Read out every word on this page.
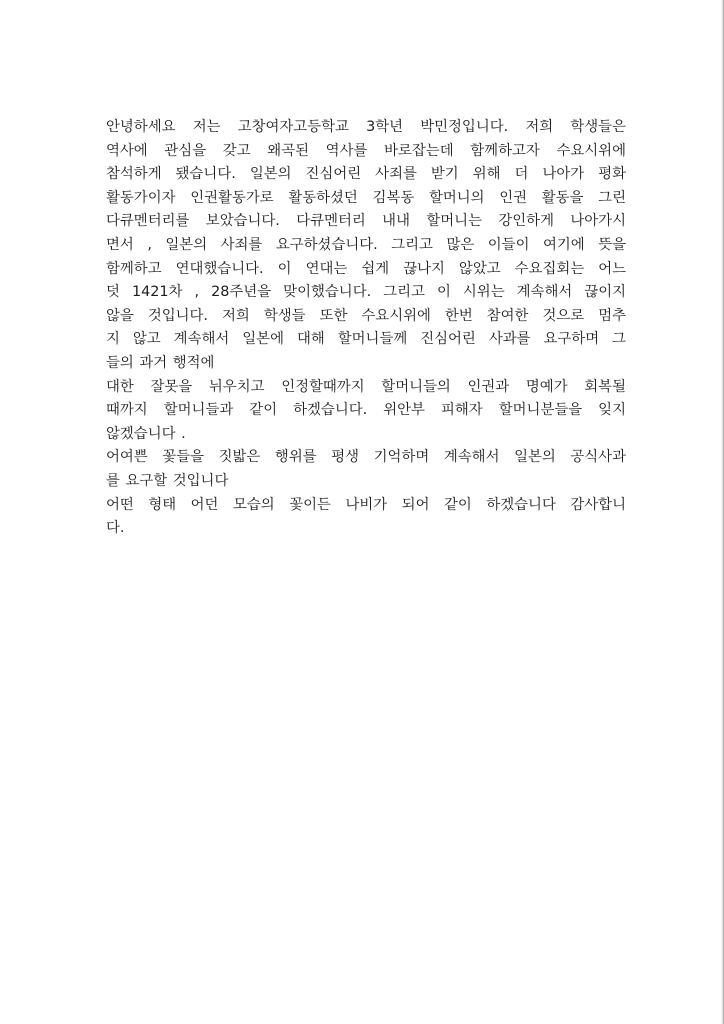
안녕하세요 저는 고창여자고등학교 3학년 박민정입니다. 저희 학생들은
역사에 관심을 갖고 왜곡된 역사를 바로잡는데 함께하고자 수요시위에
참석하게 됐습니다. 일본의 진심어린 사죄를 받기 위해 더 나아가 평화
활동가이자 인권활동가로 활동하셨던 김복동 할머니의 인권 활동을 그린
다큐멘터리를 보았습니다. 다큐멘터리 내내 할머니는 강인하게 나아가시
면서 , 일본의 사죄를 요구하셨습니다. 그리고 많은 이들이 여기에 뜻을
함께하고 연대했습니다. 이 연대는 쉽게 끊나지 않았고 수요집회는 어느
덧 1421차 , 28주년을 맞이했습니다. 그리고 이 시위는 계속해서 끊이지
않을 것입니다. 저희 학생들 또한 수요시위에 한번 참여한 것으로 멈추
지 않고 계속해서 일본에 대해 할머니들께 진심어린 사과를 요구하며 그
들의 과거 행적에
대한 잘못을 뉘우치고 인정할때까지 할머니들의 인권과 명예가 회복될
때까지 할머니들과 같이 하겠습니다. 위안부 피해자 할머니분들을 잊지
않겠습니다 .
어여쁜 꽃들을 짓밟은 행위를 평생 기억하며 계속해서 일본의 공식사과
를 요구할 것입니다
어떤 형태 어던 모습의 꽃이든 나비가 되어 같이 하겠습니다 감사합니
다.
